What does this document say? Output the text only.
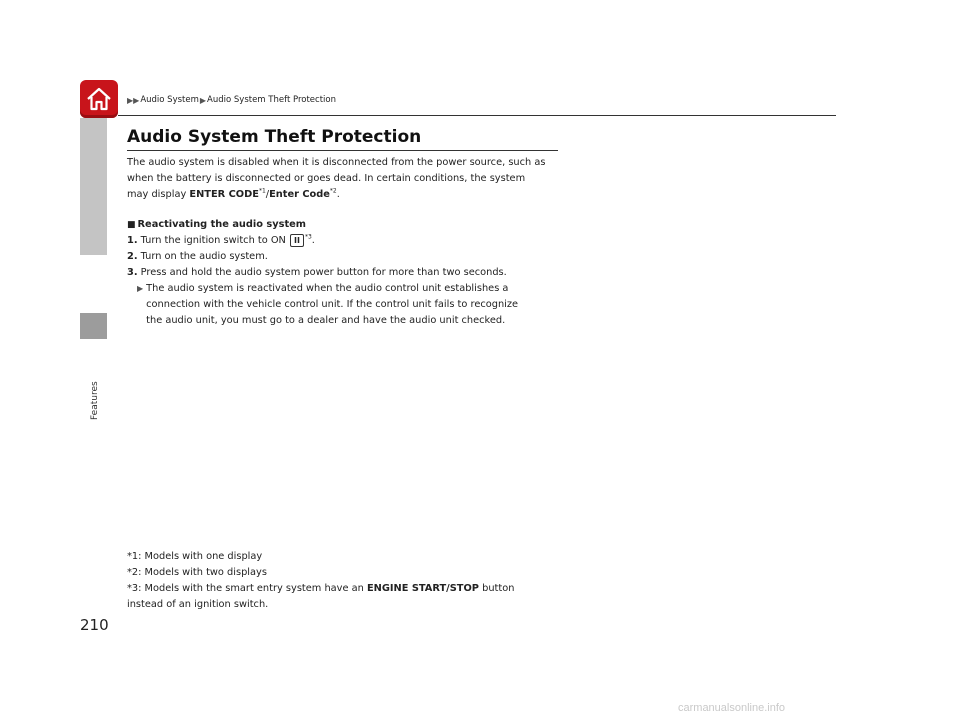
Features
▶▶ Audio System ▶ Audio System Theft Protection
Audio System Theft Protection

The audio system is disabled when it is disconnected from the power source, such as

when the battery is disconnected or goes dead. In certain conditions, the system

may display ENTER CODE$^{*1}$/Enter Code$^{*2}$.

■ Reactivating the audio system

1. Turn the ignition switch to ON II $^{*3}$.

2. Turn on the audio system.

3. Press and hold the audio system power button for more than two seconds.

▶ The audio system is reactivated when the audio control unit establishes a

connection with the vehicle control unit. If the control unit fails to recognize

the audio unit, you must go to a dealer and have the audio unit checked.

*1: Models with one display

*2: Models with two displays

*3: Models with the smart entry system have an ENGINE START/STOP button

instead of an ignition switch.

210
carmanualsonline.info
